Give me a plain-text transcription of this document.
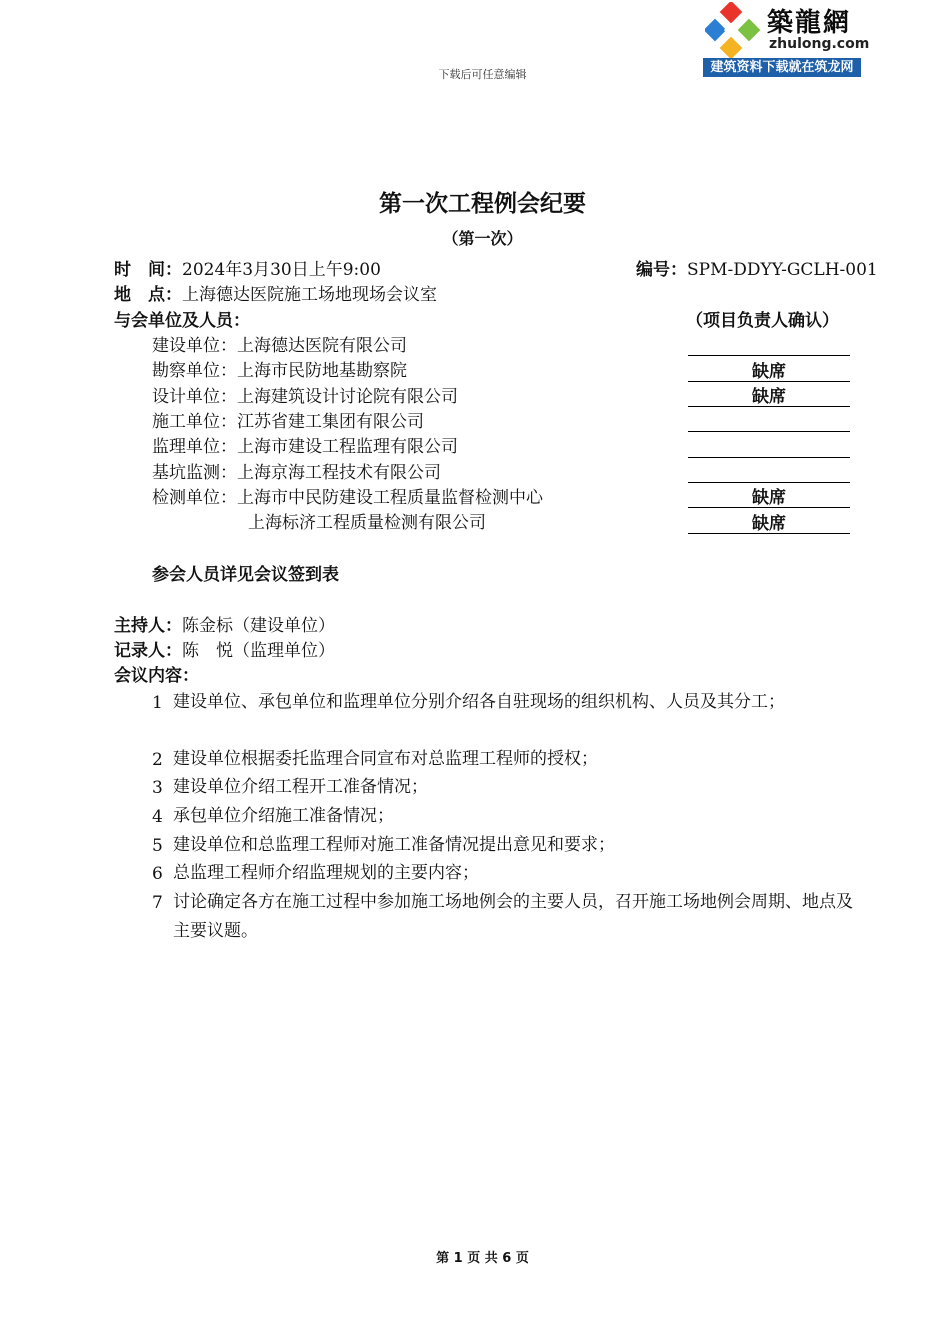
築龍網
zhulong.com
建筑资料下载就在筑龙网
下载后可任意编辑
第一次工程例会纪要
（第一次）
时　间：2024年3月30日上午9:00	编号：SPM-DDYY-GCLH-001
地　点：上海德达医院施工场地现场会议室
与会单位及人员：	（项目负责人确认）
建设单位：上海德达医院有限公司
勘察单位：上海市民防地基勘察院	缺席
设计单位：上海建筑设计讨论院有限公司	缺席
施工单位：江苏省建工集团有限公司
监理单位：上海市建设工程监理有限公司
基坑监测：上海京海工程技术有限公司
检测单位：上海市中民防建设工程质量监督检测中心	缺席
上海标济工程质量检测有限公司	缺席
参会人员详见会议签到表
主持人：陈金标（建设单位）
记录人：陈　悦（监理单位）
会议内容：
1 建设单位、承包单位和监理单位分别介绍各自驻现场的组织机构、人员及其分工；
2 建设单位根据委托监理合同宣布对总监理工程师的授权；
3 建设单位介绍工程开工准备情况；
4 承包单位介绍施工准备情况；
5 建设单位和总监理工程师对施工准备情况提出意见和要求；
6 总监理工程师介绍监理规划的主要内容；
7 讨论确定各方在施工过程中参加施工场地例会的主要人员，召开施工场地例会周期、地点及主要议题。
第 1 页 共 6 页
